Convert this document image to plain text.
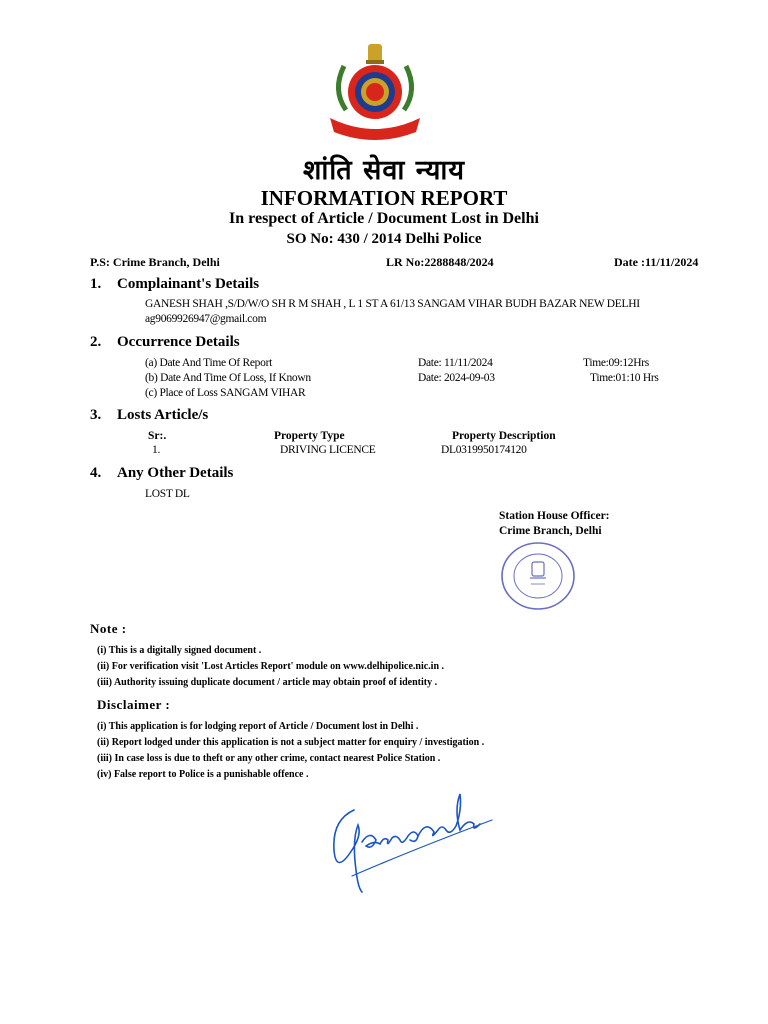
शांति सेवा न्याय
INFORMATION REPORT
In respect of Article / Document Lost in Delhi
SO No: 430 / 2014 Delhi Police
P.S: Crime Branch, Delhi	LR No:2288848/2024	Date :11/11/2024
1. Complainant's Details
GANESH SHAH ,S/D/W/O SH R M SHAH , L 1 ST A 61/13 SANGAM VIHAR BUDH BAZAR NEW DELHI
ag9069926947@gmail.com
2. Occurrence Details
(a) Date And Time Of Report	Date: 11/11/2024	Time:09:12Hrs
(b) Date And Time Of Loss, If Known	Date: 2024-09-03	Time:01:10 Hrs
(c) Place of Loss SANGAM VIHAR
3. Losts Article/s
Sr:.	Property Type	Property Description
1.	DRIVING LICENCE	DL0319950174120
4. Any Other Details
LOST DL
Station House Officer:
Crime Branch, Delhi
Note :
(i) This is a digitally signed document .
(ii) For verification visit 'Lost Articles Report' module on www.delhipolice.nic.in .
(iii) Authority issuing duplicate document / article may obtain proof of identity .
Disclaimer :
(i) This application is for lodging report of Article / Document lost in Delhi .
(ii) Report lodged under this application is not a subject matter for enquiry / investigation .
(iii) In case loss is due to theft or any other crime, contact nearest Police Station .
(iv) False report to Police is a punishable offence .
